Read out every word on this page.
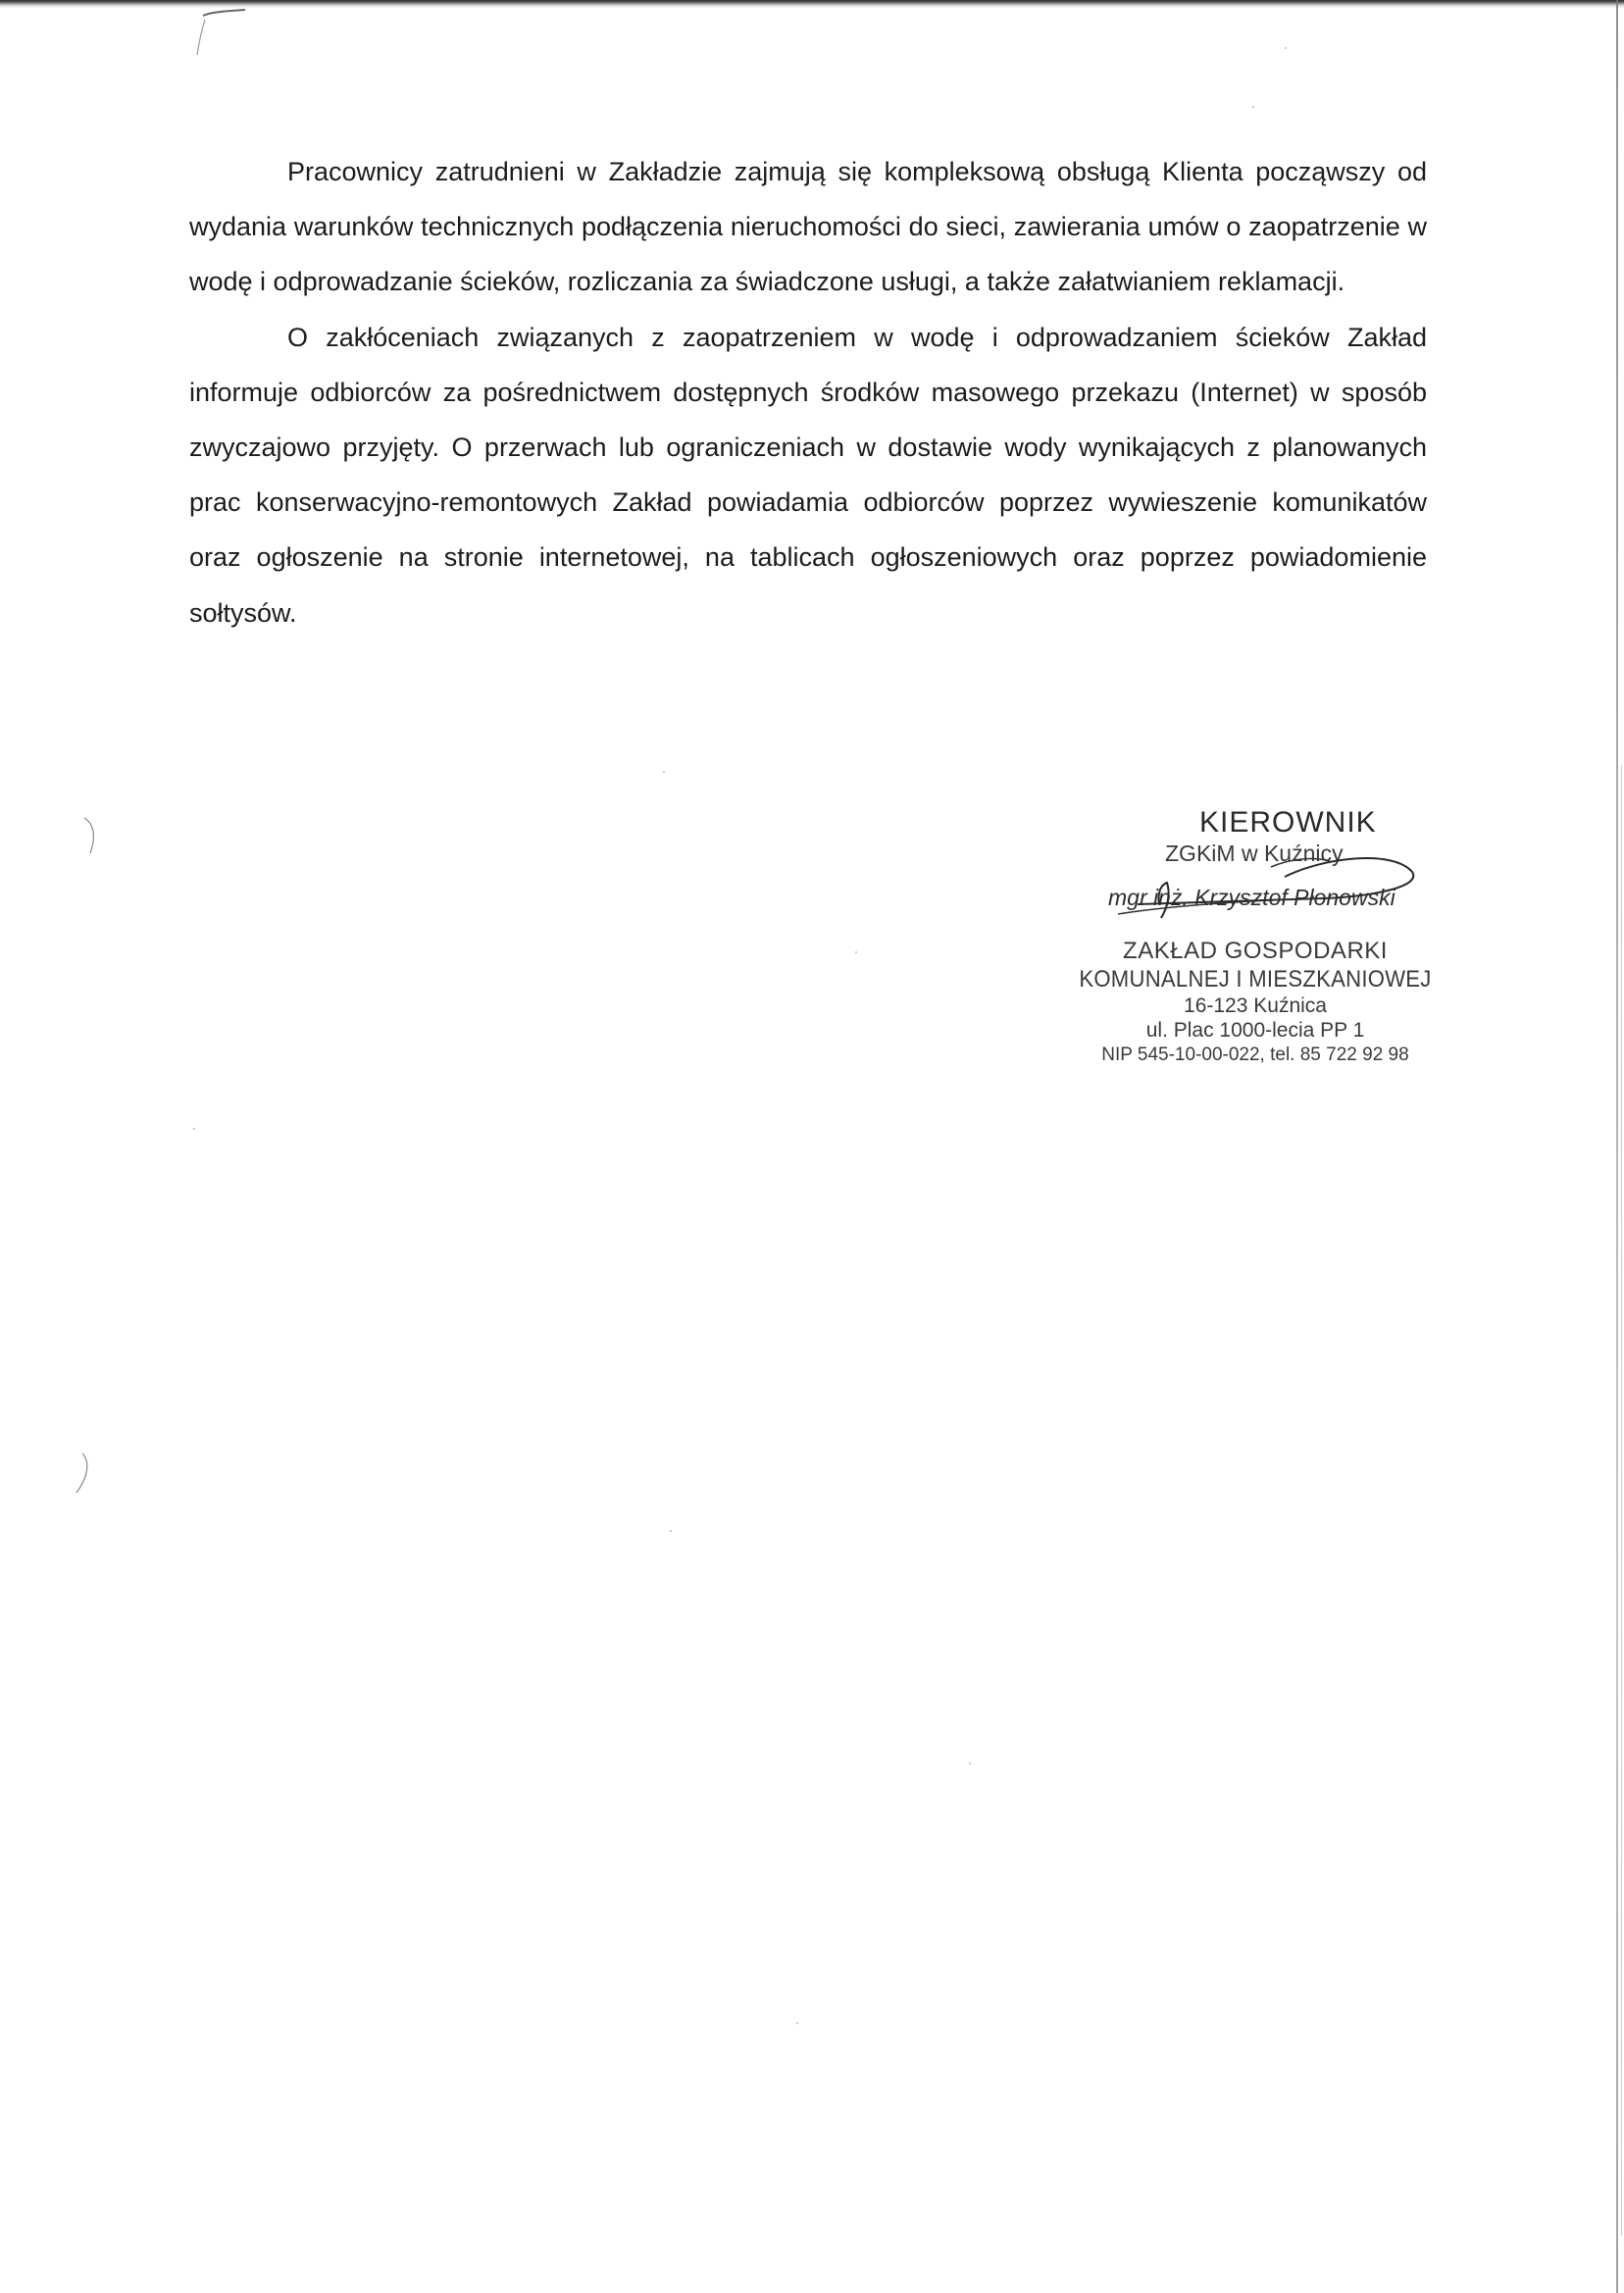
Pracownicy zatrudnieni w Zakładzie zajmują się kompleksową obsługą Klienta począwszy od wydania warunków technicznych podłączenia nieruchomości do sieci, zawierania umów o zaopatrzenie w wodę i odprowadzanie ścieków, rozliczania za świadczone usługi, a także załatwianiem reklamacji.

O zakłóceniach związanych z zaopatrzeniem w wodę i odprowadzaniem ścieków Zakład informuje odbiorców za pośrednictwem dostępnych środków masowego przekazu (Internet) w sposób zwyczajowo przyjęty. O przerwach lub ograniczeniach w dostawie wody wynikających z planowanych prac konserwacyjno-remontowych Zakład powiadamia odbiorców poprzez wywieszenie komunikatów oraz ogłoszenie na stronie internetowej, na tablicach ogłoszeniowych oraz poprzez powiadomienie sołtysów.

KIEROWNIK
ZGKiM w Kuźnicy
mgr inż. Krzysztof Płonowski
ZAKŁAD GOSPODARKI
KOMUNALNEJ I MIESZKANIOWEJ
16-123 Kuźnica
ul. Plac 1000-lecia PP 1
NIP 545-10-00-022, tel. 85 722 92 98
